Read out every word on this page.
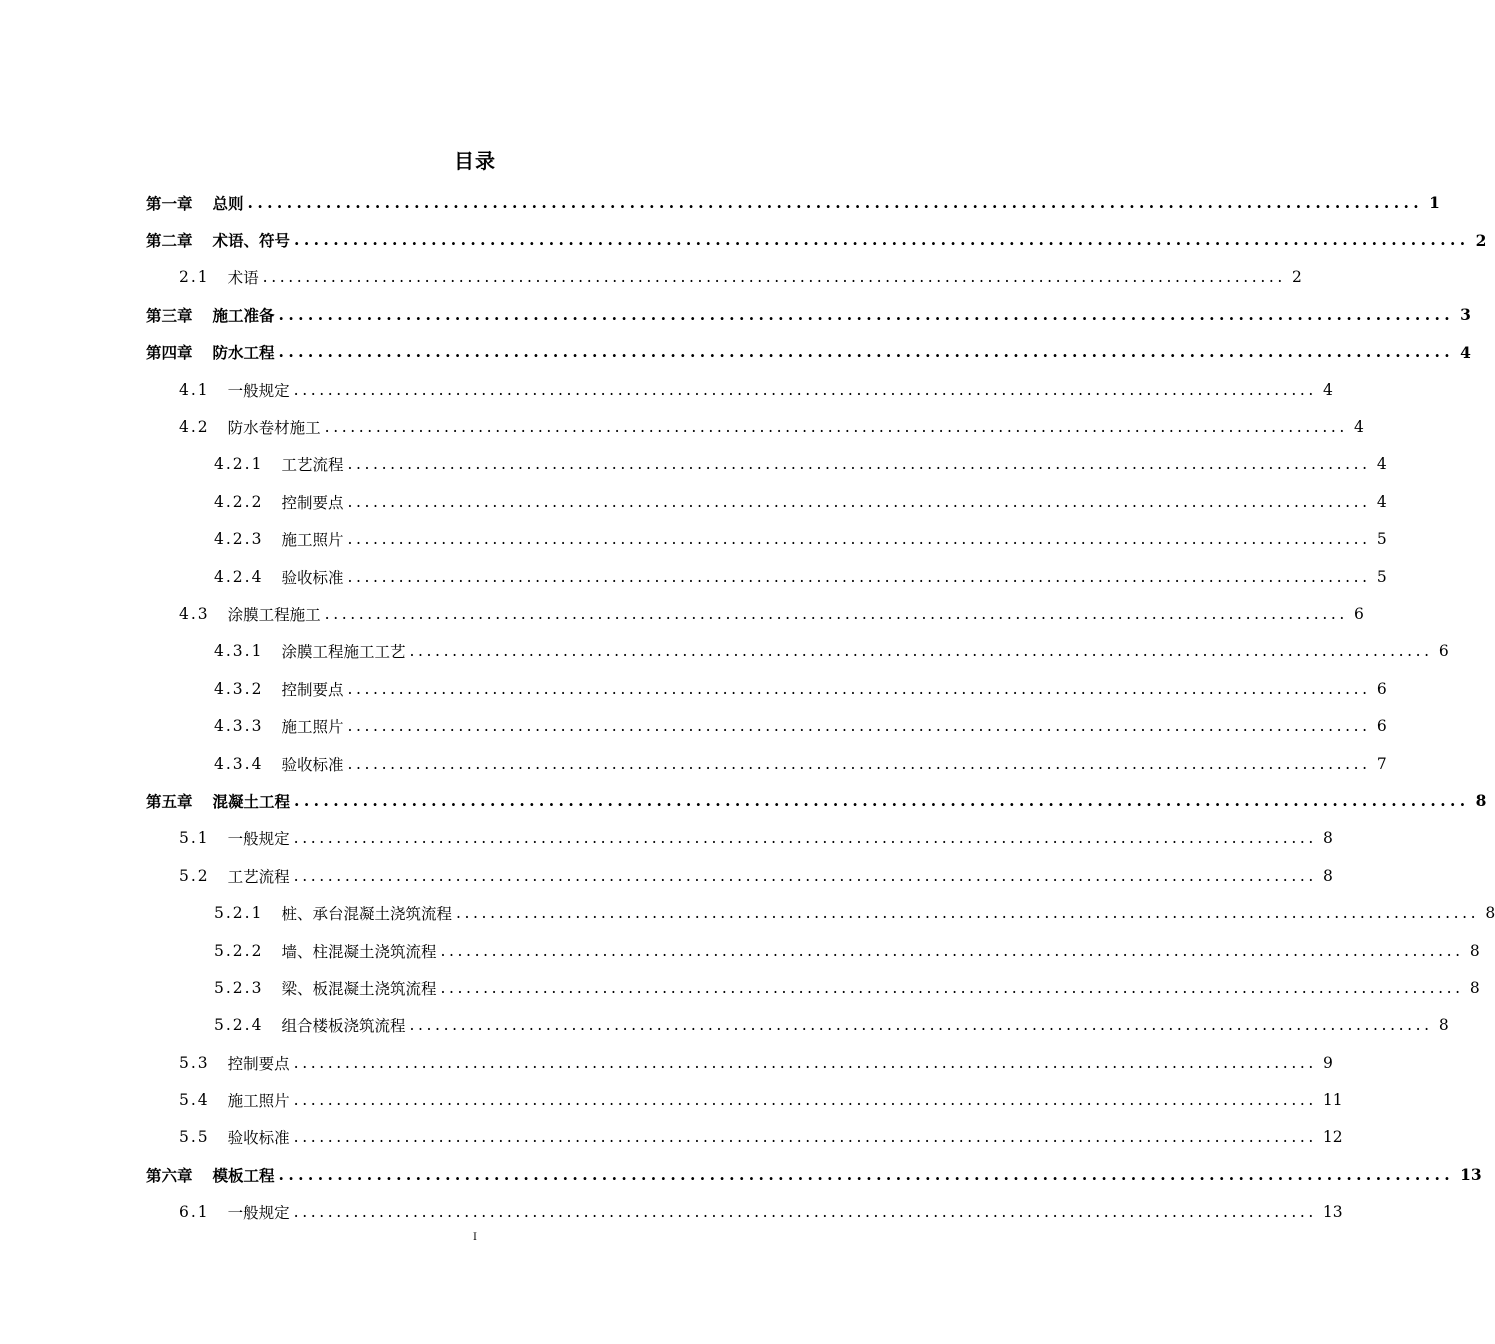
目录
第一章 总则 ........................................................................................................................ 1
第二章 术语、符号 ........................................................................................................................ 2
2.1 术语 ........................................................................................................................ 2
第三章 施工准备 ........................................................................................................................ 3
第四章 防水工程 ........................................................................................................................ 4
4.1 一般规定 ........................................................................................................................ 4
4.2 防水卷材施工 ........................................................................................................................ 4
4.2.1 工艺流程 ........................................................................................................................ 4
4.2.2 控制要点 ........................................................................................................................ 4
4.2.3 施工照片 ........................................................................................................................ 5
4.2.4 验收标准 ........................................................................................................................ 5
4.3 涂膜工程施工 ........................................................................................................................ 6
4.3.1 涂膜工程施工工艺 ........................................................................................................................ 6
4.3.2 控制要点 ........................................................................................................................ 6
4.3.3 施工照片 ........................................................................................................................ 6
4.3.4 验收标准 ........................................................................................................................ 7
第五章 混凝土工程 ........................................................................................................................ 8
5.1 一般规定 ........................................................................................................................ 8
5.2 工艺流程 ........................................................................................................................ 8
5.2.1 桩、承台混凝土浇筑流程 ........................................................................................................................ 8
5.2.2 墙、柱混凝土浇筑流程 ........................................................................................................................ 8
5.2.3 梁、板混凝土浇筑流程 ........................................................................................................................ 8
5.2.4 组合楼板浇筑流程 ........................................................................................................................ 8
5.3 控制要点 ........................................................................................................................ 9
5.4 施工照片 ........................................................................................................................ 11
5.5 验收标准 ........................................................................................................................ 12
第六章 模板工程 ........................................................................................................................ 13
6.1 一般规定 ........................................................................................................................ 13
I
